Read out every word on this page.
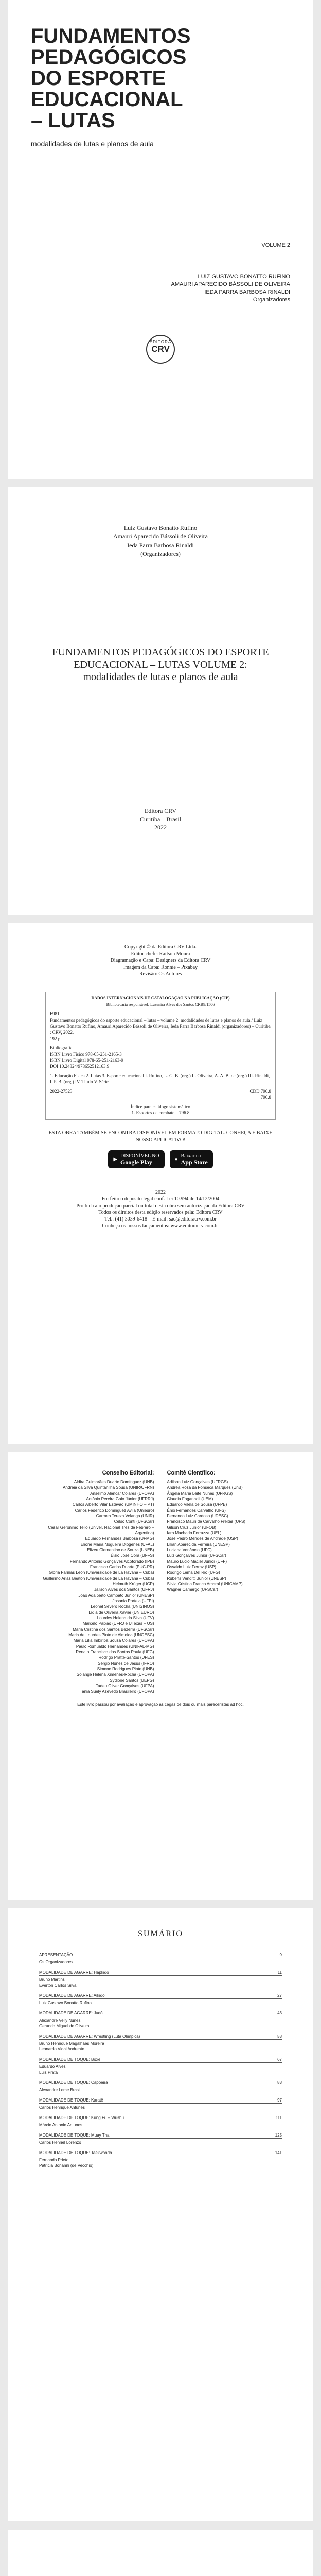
FUNDAMENTOS
PEDAGÓGICOS
DO ESPORTE
EDUCACIONAL
– LUTAS
modalidades de lutas e planos de aula
VOLUME 2
LUIZ GUSTAVO BONATTO RUFINO
AMAURI APARECIDO BÁSSOLI DE OLIVEIRA
IEDA PARRA BARBOSA RINALDI
Organizadores
EDITORA
CRV
Luiz Gustavo Bonatto Rufino
Amauri Aparecido Bássoli de Oliveira
Ieda Parra Barbosa Rinaldi
(Organizadores)
FUNDAMENTOS PEDAGÓGICOS DO ESPORTE EDUCACIONAL – LUTAS VOLUME 2:
modalidades de lutas e planos de aula
Editora CRV
Curitiba – Brasil
2022
Copyright © da Editora CRV Ltda.
Editor-chefe: Railson Moura
Diagramação e Capa: Designers da Editora CRV
Imagem da Capa: Ronnie – Pixabay
Revisão: Os Autores
DADOS INTERNACIONAIS DE CATALOGAÇÃO NA PUBLICAÇÃO (CIP)
Bibliotecária responsável: Luzenira Alves dos Santos CRB9/1506
F981
Fundamentos pedagógicos do esporte educacional – lutas – volume 2: modalidades de lutas e planos de aula / Luiz Gustavo Bonatto Rufino, Amauri Aparecido Bássoli de Oliveira, Ieda Parra Barbosa Rinaldi (organizadores) – Curitiba : CRV, 2022.
192 p.
Bibliografia
ISBN Livro Físico 978-65-251-2165-3
ISBN Livro Digital 978-65-251-2163-9
DOI 10.24824/978652512163.9
1. Educação Física 2. Lutas 3. Esporte educacional I. Rufino, L. G. B. (org.) II. Oliveira, A. A. B. de (org.) III. Rinaldi, I. P. B. (org.) IV. Título V. Série
2022-27523	CDD 796.8
796.8
Índice para catálogo sistemático
1. Esportes de combate – 796.8
ESTA OBRA TAMBÉM SE ENCONTRA DISPONÍVEL EM FORMATO DIGITAL. CONHEÇA E BAIXE NOSSO APLICATIVO!
▶
DISPONÍVEL NO
Google Play	●
Baixar na
App Store
2022
Foi feito o depósito legal conf. Lei 10.994 de 14/12/2004
Proibida a reprodução parcial ou total desta obra sem autorização da Editora CRV
Todos os direitos desta edição reservados pela: Editora CRV
Tel.: (41) 3039-6418 – E-mail: sac@editoracrv.com.br
Conheça os nossos lançamentos: www.editoracrv.com.br
Conselho Editorial:
Aldira Guimarães Duarte Domínguez (UNB)
Andréia da Silva Quintanilha Sousa (UNIR/UFRN)
Anselmo Alencar Colares (UFOPA)
Antônio Pereira Gaio Júnior (UFRRJ)
Carlos Alberto Vilar Estêvão (UMINHO – PT)
Carlos Federico Dominguez Avila (Unieuro)
Carmen Tereza Velanga (UNIR)
Celso Conti (UFSCar)
Cesar Gerónimo Tello (Univer. Nacional Três de Febrero – Argentina)
Eduardo Fernandes Barbosa (UFMG)
Elione Maria Nogueira Diogenes (UFAL)
Elizeu Clementino de Souza (UNEB)
Élsio José Corá (UFFS)
Fernando Antônio Gonçalves Alcoforado (IPB)
Francisco Carlos Duarte (PUC-PR)
Gloria Fariñas León (Universidade de La Havana – Cuba)
Guillermo Arias Beatón (Universidade de La Havana – Cuba)
Helmuth Krüger (UCP)
Jailson Alves dos Santos (UFRJ)
João Adalberto Campato Junior (UNESP)
Josania Portela (UFPI)
Leonel Severo Rocha (UNISINOS)
Lídia de Oliveira Xavier (UNIEURO)
Lourdes Helena da Silva (UFV)
Marcelo Paixão (UFRJ e UTexas – US)
Maria Cristina dos Santos Bezerra (UFSCar)
Maria de Lourdes Pinto de Almeida (UNOESC)
Maria Lília Imbiriba Sousa Colares (UFOPA)
Paulo Romualdo Hernandes (UNIFAL-MG)
Renato Francisco dos Santos Paula (UFG)
Rodrigo Pratte-Santos (UFES)
Sérgio Nunes de Jesus (IFRO)
Simone Rodrigues Pinto (UNB)
Solange Helena Ximenes-Rocha (UFOPA)
Sydione Santos (UEPG)
Tadeu Oliver Gonçalves (UFPA)
Tania Suely Azevedo Brasileiro (UFOPA)
Comitê Científico:
Adilson Luiz Gonçalves (UFRGS)
Andréa Rosa da Fonseca Marques (UnB)
Ângela Maria Leite Nunes (UFRGS)
Claudia Foganholi (UEM)
Eduardo Vilela de Sousa (UFPB)
Ênio Fernandes Carvalho (UFS)
Fernando Luiz Cardoso (UDESC)
Francisco Mauri de Carvalho Freitas (UFS)
Gilson Cruz Junior (UFOB)
Iara Machado Ferrazza (UEL)
José Pedro Mendes de Andrade (USP)
Lílian Aparecida Ferreira (UNESP)
Luciana Venâncio (UFC)
Luiz Gonçalves Junior (UFSCar)
Mauro Lúcio Maciel Júnior (UFF)
Osvaldo Luiz Ferraz (USP)
Rodrigo Lema Del Rio (UFG)
Rubens Venditti Júnior (UNESP)
Silvia Cristina Franco Amaral (UNICAMP)
Wagner Camargo (UFSCar)
Este livro passou por avaliação e aprovação às cegas de dois ou mais pareceristas ad hoc.
SUMÁRIO
APRESENTAÇÃO	9
Os Organizadores
MODALIDADE DE AGARRE: Hapkido	11
Bruno Martins
Everton Carlos Silva
MODALIDADE DE AGARRE: Aikido	27
Luiz Gustavo Bonatto Rufino
MODALIDADE DE AGARRE: Judô	43
Alexandre Velly Nunes
Gerando Miguel de Oliveira
MODALIDADE DE AGARRE: Wrestling (Luta Olímpica)	53
Bruno Henrique Magalhães Moreira
Leonardo Vidal Andreato
MODALIDADE DE TOQUE: Boxe	67
Eduardo Alves
Luis Prata
MODALIDADE DE TOQUE: Capoeira	83
Alexandre Leme Brasil
MODALIDADE DE TOQUE: Karatê	97
Carlos Henrique Antunes
MODALIDADE DE TOQUE: Kung Fu – Wushu	111
Márcio Antonio Antunes
MODALIDADE DE TOQUE: Muay Thai	125
Carlos Henriel Lorenzo
MODALIDADE DE TOQUE: Taekwondo	141
Fernando Prieto
Patrícia Bonanni (de Vecchio)
